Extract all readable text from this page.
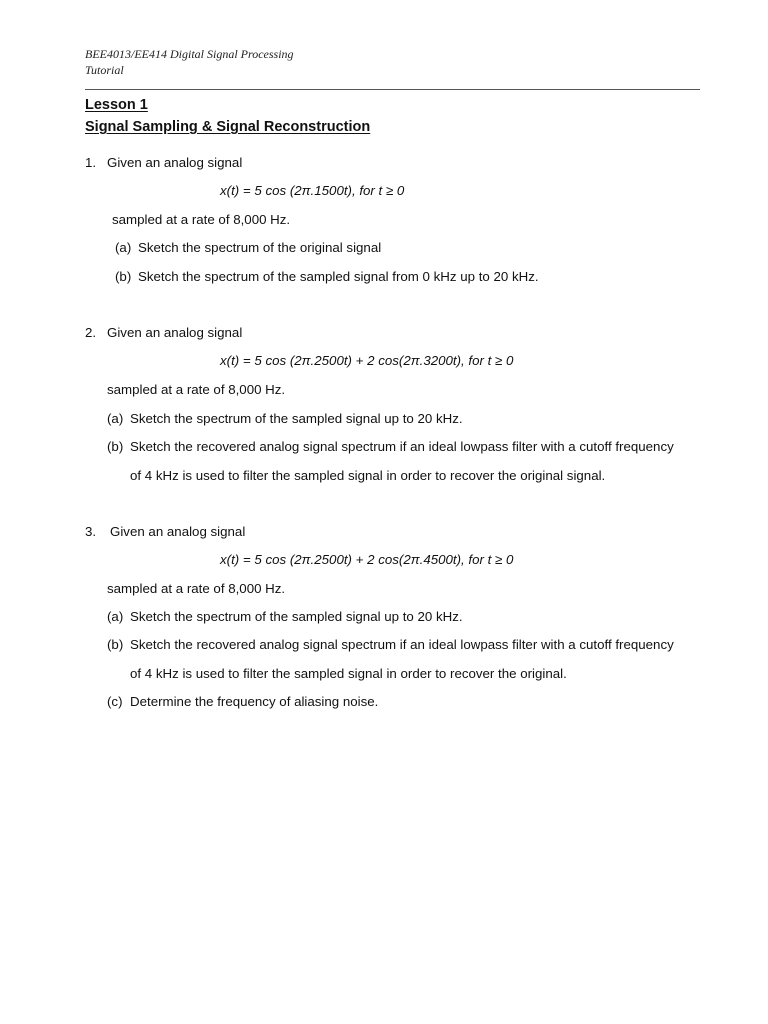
BEE4013/EE414 Digital Signal Processing
Tutorial
Lesson 1
Signal Sampling & Signal Reconstruction
1. Given an analog signal
x(t) = 5 cos (2π.1500t), for t ≥ 0
sampled at a rate of 8,000 Hz.
(a) Sketch the spectrum of the original signal
(b) Sketch the spectrum of the sampled signal from 0 kHz up to 20 kHz.
2. Given an analog signal
x(t) = 5 cos (2π.2500t) + 2 cos(2π.3200t), for t ≥ 0
sampled at a rate of 8,000 Hz.
(a) Sketch the spectrum of the sampled signal up to 20 kHz.
(b) Sketch the recovered analog signal spectrum if an ideal lowpass filter with a cutoff frequency
of 4 kHz is used to filter the sampled signal in order to recover the original signal.
3. Given an analog signal
x(t) = 5 cos (2π.2500t) + 2 cos(2π.4500t), for t ≥ 0
sampled at a rate of 8,000 Hz.
(a) Sketch the spectrum of the sampled signal up to 20 kHz.
(b) Sketch the recovered analog signal spectrum if an ideal lowpass filter with a cutoff frequency
of 4 kHz is used to filter the sampled signal in order to recover the original.
(c) Determine the frequency of aliasing noise.
